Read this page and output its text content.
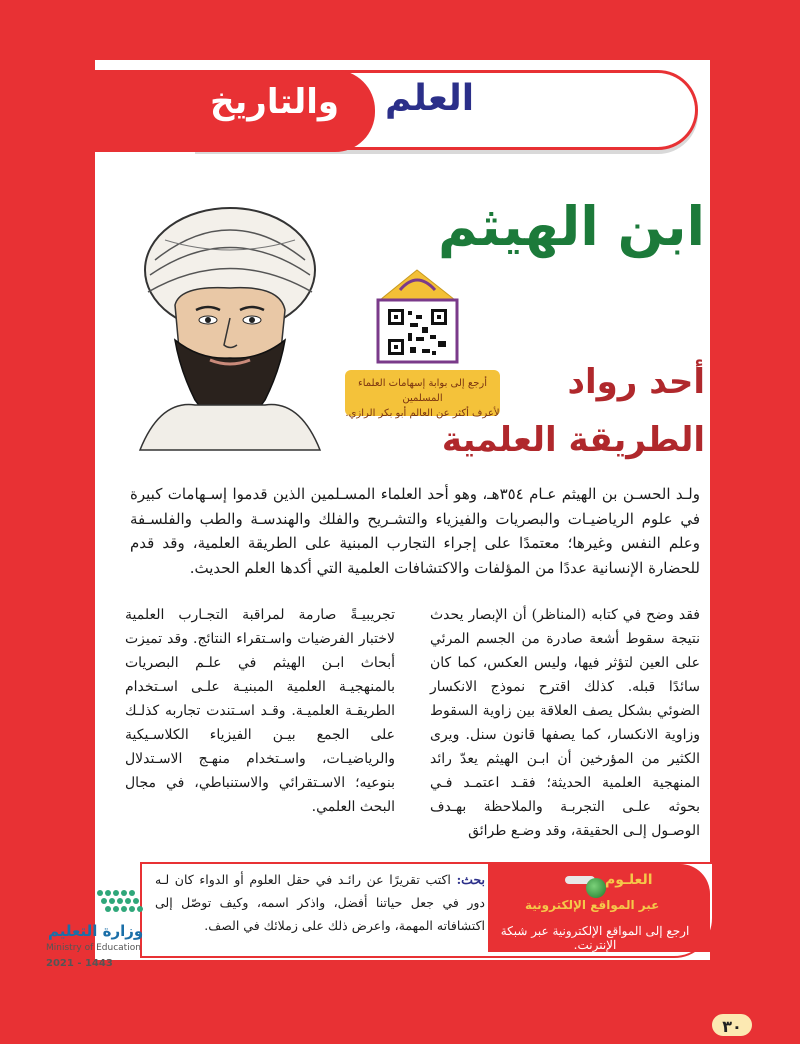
والتاريخ العلم
ابن الهيثم
أرجع إلى بوابة إسهامات العلماء المسلمين
لأعرف أكثر عن العالم أبو بكر الرازي.
أحد رواد
الطريقة العلمية
ولـد الحسـن بن الهيثم عـام ٣٥٤هـ، وهو أحد العلماء المسـلمين الذين قدموا إسـهامات كبيرة في علوم الرياضيـات والبصريات والفيزياء والتشـريح والفلك والهندسـة والطب والفلسـفة وعلم النفس وغيرها؛ معتمدًا على إجراء التجارب المبنية على الطريقة العلمية، وقد قدم للحضارة الإنسانية عددًا من المؤلفات والاكتشافات العلمية التي أكدها العلم الحديث.
فقد وضح في كتابه (المناظر) أن الإبصار يحدث نتيجة سقوط أشعة صادرة من الجسم المرئي على العين لتؤثر فيها، وليس العكس، كما كان سائدًا قبله. كذلك اقترح نموذج الانكسار الضوئي بشكل يصف العلاقة بين زاوية السقوط وزاوية الانكسار، كما يصفها قانون سنل. ويرى الكثير من المؤرخين أن ابـن الهيثم يعدّ رائد المنهجية العلمية الحديثة؛ فقـد اعتمـد فـي بحوثه علـى التجربـة والملاحظة بهـدف الوصـول إلـى الحقيقة، وقد وضـع طرائق
تجريبيـةً صارمة لمراقبة التجـارب العلمية لاختبار الفرضيات واسـتقراء النتائج. وقد تميزت أبحاث ابـن الهيثم في علـم البصريات بالمنهجيـة العلمية المبنيـة علـى اسـتخدام الطريقـة العلميـة. وقـد اسـتندت تجاربه كذلـك على الجمع بيـن الفيزياء الكلاسـيكية والرياضيـات، واسـتخدام منهـج الاسـتدلال بنوعيه؛ الاسـتقرائي والاستنباطي، في مجال البحث العلمي.
بحث: اكتب تقريرًا عن رائـد في حقل العلوم أو الدواء كان لـه دور في جعل حياتنا أفضل، واذكر اسمه، وكيف توصّل إلى اكتشافاته المهمة، واعرض ذلك على زملائك في الصف.
العلـوم
عبر المواقع الإلكترونية
ارجع إلى المواقع الإلكترونية عبر شبكة الإنترنت.
وزارة التعليم
Ministry of Education
2021 - 1443
٣٠
